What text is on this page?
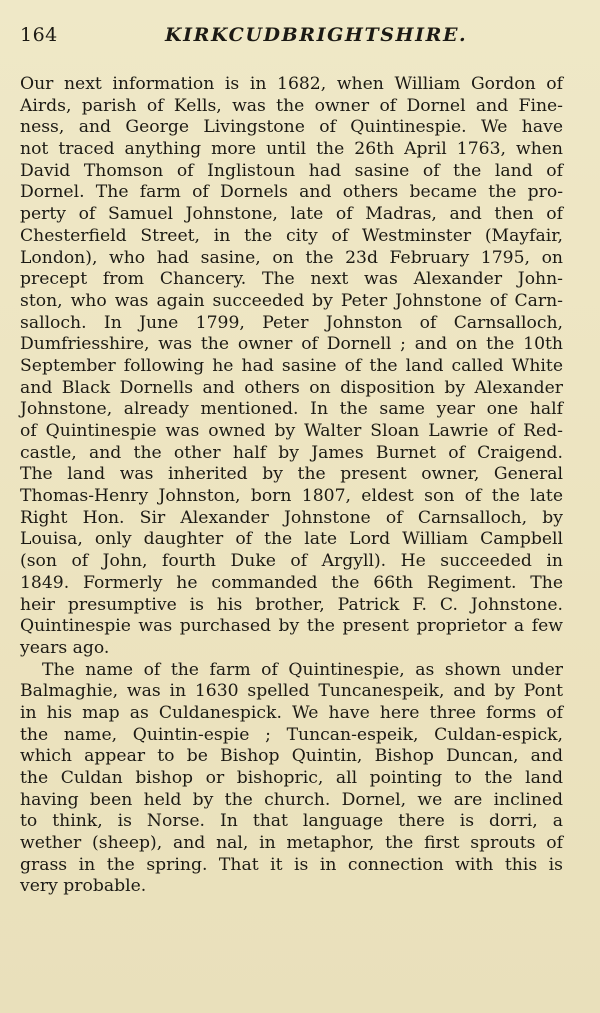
164	KIRKCUDBRIGHTSHIRE.
Our next information is in 1682, when William Gordon of
Airds, parish of Kells, was the owner of Dornel and Fine-
ness, and George Livingstone of Quintinespie. We have
not traced anything more until the 26th April 1763, when
David Thomson of Inglistoun had sasine of the land of
Dornel. The farm of Dornels and others became the pro-
perty of Samuel Johnstone, late of Madras, and then of
Chesterfield Street, in the city of Westminster (Mayfair,
London), who had sasine, on the 23d February 1795, on
precept from Chancery. The next was Alexander John-
ston, who was again succeeded by Peter Johnstone of Carn-
salloch. In June 1799, Peter Johnston of Carnsalloch,
Dumfriesshire, was the owner of Dornell ; and on the 10th
September following he had sasine of the land called White
and Black Dornells and others on disposition by Alexander
Johnstone, already mentioned. In the same year one half
of Quintinespie was owned by Walter Sloan Lawrie of Red-
castle, and the other half by James Burnet of Craigend.
The land was inherited by the present owner, General
Thomas-Henry Johnston, born 1807, eldest son of the late
Right Hon. Sir Alexander Johnstone of Carnsalloch, by
Louisa, only daughter of the late Lord William Campbell
(son of John, fourth Duke of Argyll). He succeeded in
1849. Formerly he commanded the 66th Regiment. The
heir presumptive is his brother, Patrick F. C. Johnstone.
Quintinespie was purchased by the present proprietor a few
years ago.
The name of the farm of Quintinespie, as shown under
Balmaghie, was in 1630 spelled Tuncanespeik, and by Pont
in his map as Culdanespick. We have here three forms of
the name, Quintin-espie ; Tuncan-espeik, Culdan-espick,
which appear to be Bishop Quintin, Bishop Duncan, and
the Culdan bishop or bishopric, all pointing to the land
having been held by the church. Dornel, we are inclined
to think, is Norse. In that language there is dorri, a
wether (sheep), and nal, in metaphor, the first sprouts of
grass in the spring. That it is in connection with this is
very probable.
